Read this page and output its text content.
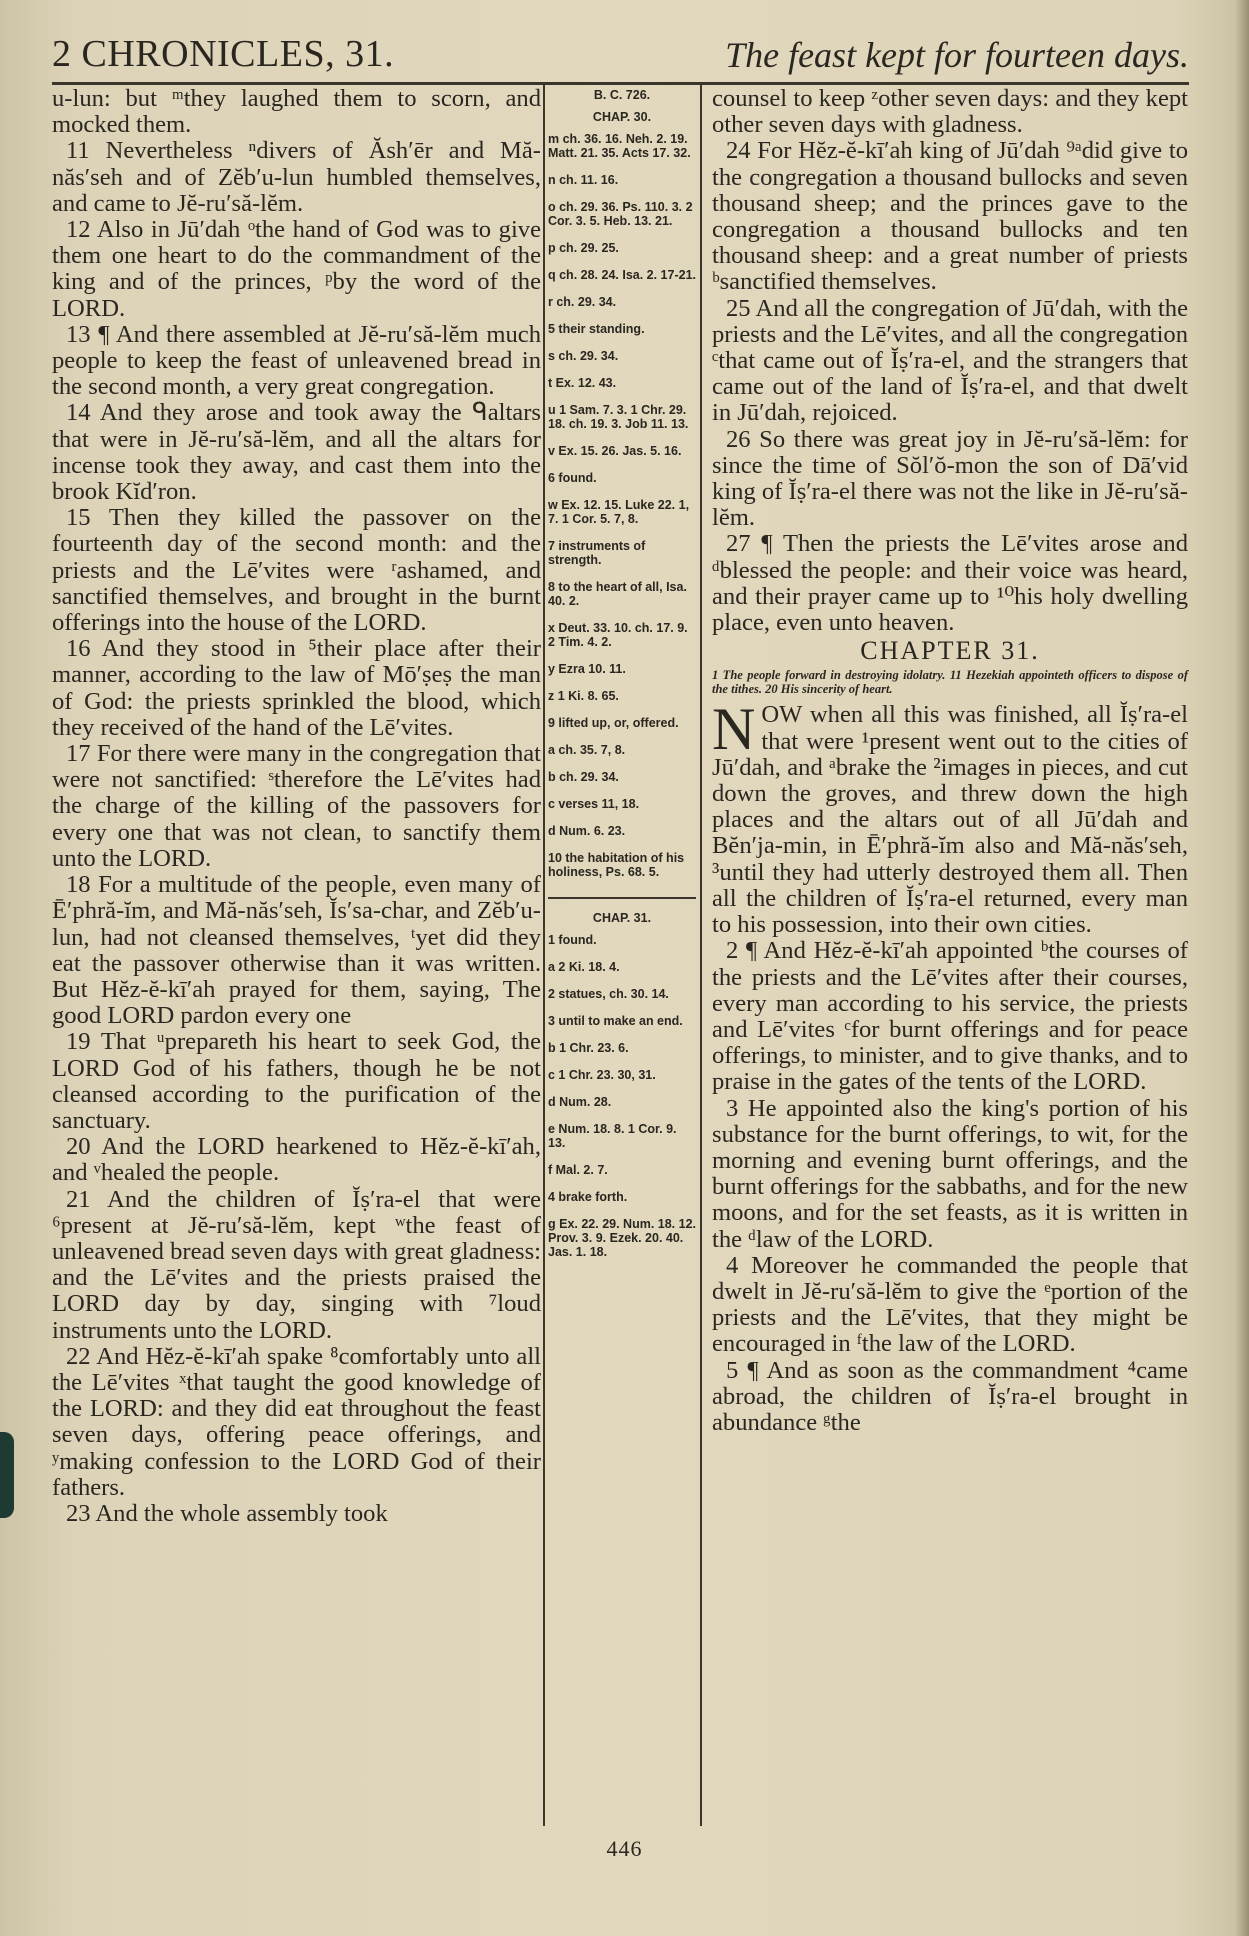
2 CHRONICLES, 31.	The feast kept for fourteen days.

u-lun: but ᵐthey laughed them to scorn, and mocked them.

11 Nevertheless ⁿdivers of Ăsh′ēr and Mă-năs′seh and of Zĕb′u-lun humbled themselves, and came to Jĕ-ru′să-lĕm.

12 Also in Jū′dah ᵒthe hand of God was to give them one heart to do the commandment of the king and of the princes, ᵖby the word of the LORD.

13 ¶ And there assembled at Jĕ-ru′să-lĕm much people to keep the feast of unleavened bread in the second month, a very great congregation.

14 And they arose and took away the ᑫaltars that were in Jĕ-ru′să-lĕm, and all the altars for incense took they away, and cast them into the brook Kĭd′ron.

15 Then they killed the passover on the fourteenth day of the second month: and the priests and the Lē′vites were ʳashamed, and sanctified themselves, and brought in the burnt offerings into the house of the LORD.

16 And they stood in ⁵their place after their manner, according to the law of Mō′ṣeṣ the man of God: the priests sprinkled the blood, which they received of the hand of the Lē′vites.

17 For there were many in the congregation that were not sanctified: ˢtherefore the Lē′vites had the charge of the killing of the passovers for every one that was not clean, to sanctify them unto the LORD.

18 For a multitude of the people, even many of Ē′phră-ĭm, and Mă-năs′seh, Ĭs′sa-char, and Zĕb′u-lun, had not cleansed themselves, ᵗyet did they eat the passover otherwise than it was written. But Hĕz-ĕ-kī′ah prayed for them, saying, The good LORD pardon every one

19 That ᵘprepareth his heart to seek God, the LORD God of his fathers, though he be not cleansed according to the purification of the sanctuary.

20 And the LORD hearkened to Hĕz-ĕ-kī′ah, and ᵛhealed the people.

21 And the children of Ĭṣ′ra-el that were ⁶present at Jĕ-ru′să-lĕm, kept ʷthe feast of unleavened bread seven days with great gladness: and the Lē′vites and the priests praised the LORD day by day, singing with ⁷loud instruments unto the LORD.

22 And Hĕz-ĕ-kī′ah spake ⁸comfortably unto all the Lē′vites ˣthat taught the good knowledge of the LORD: and they did eat throughout the feast seven days, offering peace offerings, and ʸmaking confession to the LORD God of their fathers.

23 And the whole assembly took

B. C. 726.
CHAP. 30.
m ch. 36. 16. Neh. 2. 19. Matt. 21. 35. Acts 17. 32.
n ch. 11. 16.
o ch. 29. 36. Ps. 110. 3. 2 Cor. 3. 5. Heb. 13. 21.
p ch. 29. 25.
q ch. 28. 24. Isa. 2. 17-21.
r ch. 29. 34.
5 their standing.
s ch. 29. 34.
t Ex. 12. 43.
u 1 Sam. 7. 3. 1 Chr. 29. 18. ch. 19. 3. Job 11. 13.
v Ex. 15. 26. Jas. 5. 16.
6 found.
w Ex. 12. 15. Luke 22. 1, 7. 1 Cor. 5. 7, 8.
7 instruments of strength.
8 to the heart of all, Isa. 40. 2.
x Deut. 33. 10. ch. 17. 9. 2 Tim. 4. 2.
y Ezra 10. 11.
z 1 Ki. 8. 65.
9 lifted up, or, offered.
a ch. 35. 7, 8.
b ch. 29. 34.
c verses 11, 18.
d Num. 6. 23.
10 the habitation of his holiness, Ps. 68. 5.
CHAP. 31.
1 found.
a 2 Ki. 18. 4.
2 statues, ch. 30. 14.
3 until to make an end.
b 1 Chr. 23. 6.
c 1 Chr. 23. 30, 31.
d Num. 28.
e Num. 18. 8. 1 Cor. 9. 13.
f Mal. 2. 7.
4 brake forth.
g Ex. 22. 29. Num. 18. 12. Prov. 3. 9. Ezek. 20. 40. Jas. 1. 18.

counsel to keep ᶻother seven days: and they kept other seven days with gladness.

24 For Hĕz-ĕ-kī′ah king of Jū′dah ⁹ᵃdid give to the congregation a thousand bullocks and seven thousand sheep; and the princes gave to the congregation a thousand bullocks and ten thousand sheep: and a great number of priests ᵇsanctified themselves.

25 And all the congregation of Jū′dah, with the priests and the Lē′vites, and all the congregation ᶜthat came out of Ĭṣ′ra-el, and the strangers that came out of the land of Ĭṣ′ra-el, and that dwelt in Jū′dah, rejoiced.

26 So there was great joy in Jĕ-ru′să-lĕm: for since the time of Sŏl′ŏ-mon the son of Dā′vid king of Ĭṣ′ra-el there was not the like in Jĕ-ru′să-lĕm.

27 ¶ Then the priests the Lē′vites arose and ᵈblessed the people: and their voice was heard, and their prayer came up to ¹⁰his holy dwelling place, even unto heaven.

CHAPTER 31.
1 The people forward in destroying idolatry. 11 Hezekiah appointeth officers to dispose of the tithes. 20 His sincerity of heart.

NOW when all this was finished, all Ĭṣ′ra-el that were ¹present went out to the cities of Jū′dah, and ᵃbrake the ²images in pieces, and cut down the groves, and threw down the high places and the altars out of all Jū′dah and Bĕn′ja-min, in Ē′phră-ĭm also and Mă-năs′seh, ³until they had utterly destroyed them all. Then all the children of Ĭṣ′ra-el returned, every man to his possession, into their own cities.

2 ¶ And Hĕz-ĕ-kī′ah appointed ᵇthe courses of the priests and the Lē′vites after their courses, every man according to his service, the priests and Lē′vites ᶜfor burnt offerings and for peace offerings, to minister, and to give thanks, and to praise in the gates of the tents of the LORD.

3 He appointed also the king's portion of his substance for the burnt offerings, to wit, for the morning and evening burnt offerings, and the burnt offerings for the sabbaths, and for the new moons, and for the set feasts, as it is written in the ᵈlaw of the LORD.

4 Moreover he commanded the people that dwelt in Jĕ-ru′să-lĕm to give the ᵉportion of the priests and the Lē′vites, that they might be encouraged in ᶠthe law of the LORD.

5 ¶ And as soon as the commandment ⁴came abroad, the children of Ĭṣ′ra-el brought in abundance ᵍthe

446
